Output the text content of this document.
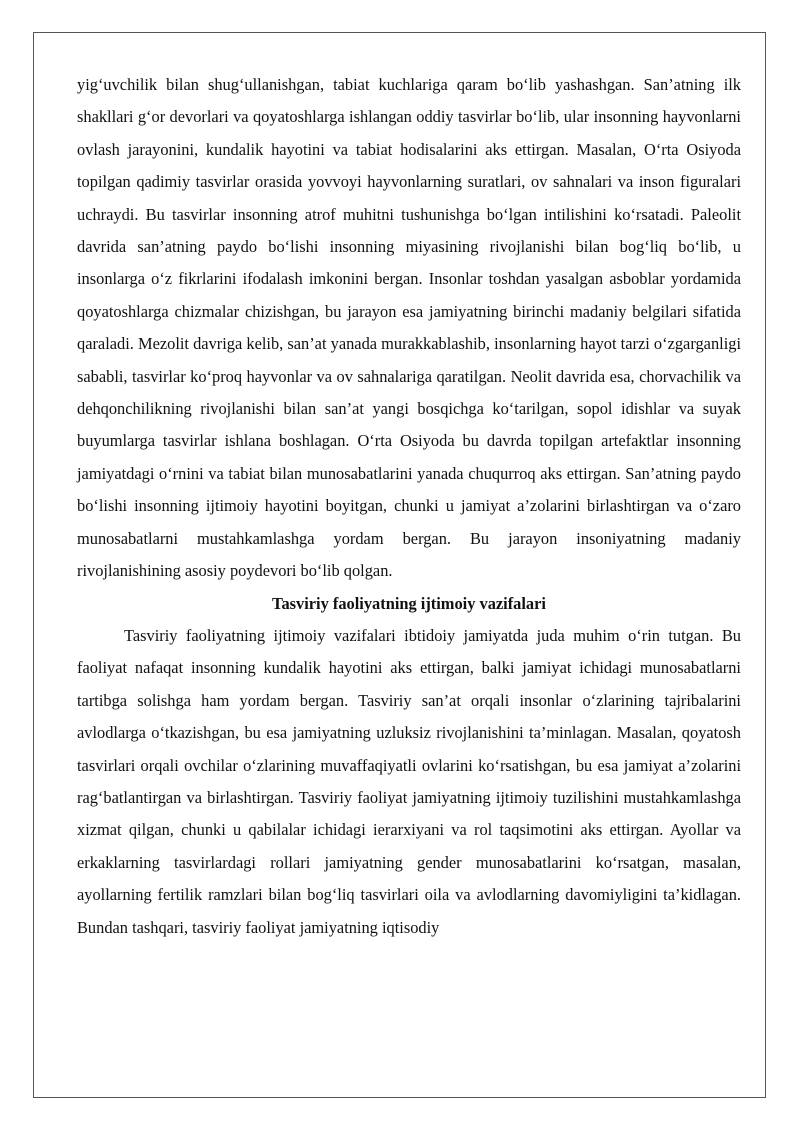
yig‘uvchilik bilan shug‘ullanishgan, tabiat kuchlariga qaram bo‘lib yashashgan. San’atning ilk shakllari g‘or devorlari va qoyatoshlarga ishlangan oddiy tasvirlar bo‘lib, ular insonning hayvonlarni ovlash jarayonini, kundalik hayotini va tabiat hodisalarini aks ettirgan. Masalan, O‘rta Osiyoda topilgan qadimiy tasvirlar orasida yovvoyi hayvonlarning suratlari, ov sahnalari va inson figuralari uchraydi. Bu tasvirlar insonning atrof muhitni tushunishga bo‘lgan intilishini ko‘rsatadi. Paleolit davrida san’atning paydo bo‘lishi insonning miyasining rivojlanishi bilan bog‘liq bo‘lib, u insonlarga o‘z fikrlarini ifodalash imkonini bergan. Insonlar toshdan yasalgan asboblar yordamida qoyatoshlarga chizmalar chizishgan, bu jarayon esa jamiyatning birinchi madaniy belgilari sifatida qaraladi. Mezolit davriga kelib, san’at yanada murakkablashib, insonlarning hayot tarzi o‘zgarganligi sababli, tasvirlar ko‘proq hayvonlar va ov sahnalariga qaratilgan. Neolit davrida esa, chorvachilik va dehqonchilikning rivojlanishi bilan san’at yangi bosqichga ko‘tarilgan, sopol idishlar va suyak buyumlarga tasvirlar ishlana boshlagan. O‘rta Osiyoda bu davrda topilgan artefaktlar insonning jamiyatdagi o‘rnini va tabiat bilan munosabatlarini yanada chuqurroq aks ettirgan. San’atning paydo bo‘lishi insonning ijtimoiy hayotini boyitgan, chunki u jamiyat a’zolarini birlashtirgan va o‘zaro munosabatlarni mustahkamlashga yordam bergan. Bu jarayon insoniyatning madaniy rivojlanishining asosiy poydevori bo‘lib qolgan.

Tasviriy faoliyatning ijtimoiy vazifalari

Tasviriy faoliyatning ijtimoiy vazifalari ibtidoiy jamiyatda juda muhim o‘rin tutgan. Bu faoliyat nafaqat insonning kundalik hayotini aks ettirgan, balki jamiyat ichidagi munosabatlarni tartibga solishga ham yordam bergan. Tasviriy san’at orqali insonlar o‘zlarining tajribalarini avlodlarga o‘tkazishgan, bu esa jamiyatning uzluksiz rivojlanishini ta’minlagan. Masalan, qoyatosh tasvirlari orqali ovchilar o‘zlarining muvaffaqiyatli ovlarini ko‘rsatishgan, bu esa jamiyat a’zolarini rag‘batlantirgan va birlashtirgan. Tasviriy faoliyat jamiyatning ijtimoiy tuzilishini mustahkamlashga xizmat qilgan, chunki u qabilalar ichidagi ierarxiyani va rol taqsimotini aks ettirgan. Ayollar va erkaklarning tasvirlardagi rollari jamiyatning gender munosabatlarini ko‘rsatgan, masalan, ayollarning fertilik ramzlari bilan bog‘liq tasvirlari oila va avlodlarning davomiyligini ta’kidlagan. Bundan tashqari, tasviriy faoliyat jamiyatning iqtisodiy
